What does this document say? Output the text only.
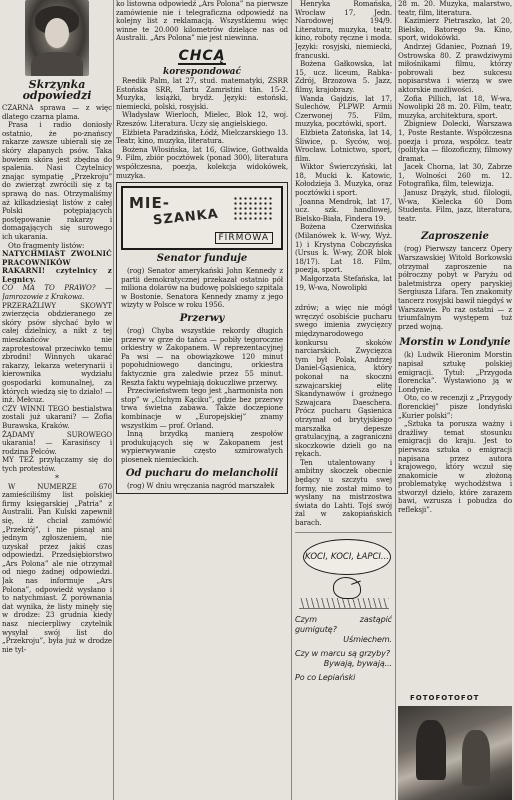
Skrzynka odpowiedzi

CZARNA sprawa — z więc dlatego czarna plama.

Prasa i radio doniosły ostatnio, że po-znańscy rakarze zawsze ubierali się ze skóry złapanych psów. Taka bowiem skóra jest zbędna do spalenia. Nasi Czytelnicy znając sympatię „Przekroju” do zwierząt zwrócili się z tą sprawą do nas. Otrzymaliśmy aż kilkadziesiąt listów z całej Polski potępiających postępowanie rakarzy i domagających się surowego ich ukarania.

Oto fragmenty listów:

NATYCHMIAST ZWOLNIĆ PRACOWNIKÓW RAKARNI! czytelnicy z Legnicy.

CO MA TO PRAWO? — Jamrozowie z Krakowa.

PRZERAŻLIWY SKOWYT zwierzęcia obdzieranego ze skóry psów słychać było w całej dzielnicy, a nikt z tej mieszkańców nie zaprotestował przeciwko temu zbrodni! Winnych ukarać rakarzy, lekarza weterynarii i kierownika wydziału gospodarki komunalnej, za których wiedzą się to działo! — inż. Mełcuz.

CZY WINNI TEGO bestialstwa zostali już ukarani? — Zofia Burawska, Kraków.

ŻĄDAMY SUROWEGO ukarania! — Karasińscy i rodzina Pelców.

MY TEŻ przyłączamy się do tych protestów.

*

W NUMERZE 670 zamieściliśmy list polskiej firmy księgarskiej „Patria” z Australii. Pan Kulski zapewnił się, iż chciał zamówić „Przekrój”, i nie pisnął ani jednym zgłoszeniem, nie uzyskał przez jakiś czas odpowiedzi. Przedsiębiorstwo „Ars Polona” ale nie otrzymał od niego żadnej odpowiedzi. Jak nas informuje „Ars Polona”, odpowiedź wysłano i to natychmiast. Z porównania dat wynika, że listy minęły się w drodze: 23 grudnia kiedy nasz niecierpliwy czytelnik wysyłał swój list do „Przekroju”, była już w drodze nie tyl-

ko listowna odpowiedź „Ars Polona” na pierwsze zamówienie nie i telegraficzna odpowiedź na kolejny list z reklamacją. Wszystkiemu więc winne te 20.000 kilometrów dzielące nas od Australii. „Ars Polona” nie jest niewinna.

CHCĄ
korespondować

Reedik Palm, lat 27, stud. matematyki, ZSRR Estońska SRR, Tartu Zamristini tän. 15-2. Muzyka, książki, brydż. Języki: estoński, niemiecki, polski, rosyjski.

Władysław Wierloch, Mielec, Blok 12, woj. Rzeszów. Literatura. Uczy się angielskiego.

Elżbieta Paradzińska, Łódź, Mielczarskiego 13. Teatr, kino, muzyka, literatura.

Bożena Włosińska, lat 16, Gliwice, Gottwalda 9. Film, zbiór pocztówek (ponad 300), literatura współczesna, poezja, kolekcja widokówek, muzyka.

MIE-
SZANKA
FIRMOWA
Senator funduje

(rog) Senator amerykański John Kennedy z partii demokratycznej przekazał ostatnio pół miliona dolarów na budowę polskiego szpitala w Bostonie. Senatora Kennedy znamy z jego wizyty w Polsce w roku 1956.

Przerwy

(rog) Chyba wszystkie rekordy długich przerw w grze do tańca — pobiły tegoroczne orkiestry w Zakopanem. W reprezentacyjnej Pa wsi — na obowiązkowe 120 minut popołudniowego dancingu, orkiestra faktycznie gra zaledwie przez 55 minut. Reszta faktu wypełniają dokuczliwe przerwy.

Przeciwieństwem tego jest „harmonista non stop” w „Cichym Kąciku”, gdzie bez przerwy trwa świetna zabawa. Także doczepione kombinacje w „Europejskiej” znamy wszystkim — prof. Orland.

Inną brzydką manierą zespołów produkujących się w Zakopanem jest wypierwywanie często szmirowatych piosenek niemieckich.

Od pucharu do melancholii

(rog) W dniu wręczania nagród marszałek

Henryka Romańska, Wrocław 17, Jedn. Narodowej 194/9. Literatura, muzyka, teatr, kino, roboty ręczne i moda. Języki: rosyjski, niemiecki, francuski.

Bożena Gałkowska, lat 15, ucz. liceum, Rabka-Zdrój, Brzozowa 5. Jazz, filmy, krajobrazy.

Wanda Gajdzis, lat 17, Sulechów, PLPWP. Armii Czerwonej 75. Film, muzyka, pocztówki, sport.

Elżbieta Zatońska, lat 14, Śliwice, p. Syców, woj. Wrocław. Lotnictwo, sport, film.

Wiktor Świerczyński, lat 18, Mucki k. Katowic, Kołodzieja 3. Muzyka, oraz pocztówki i sport.

Joanna Mendrok, lat 17, ucz. szk. handlowej, Bielsko-Biała, Findera 19.

Bożena Czerwińska (Milanówek k. W-wy, Wyż. 1) i Krystyna Cobczyńska (Ursus k. W-wy, ZOR blok 18/17). Lat 18. Film, poezja, sport.

Małgorzata Stefańska, lat 19, W-wa, Nowolipki

zdrów; a więc nie mógł wręczyć osobiście pucharu swego imienia zwycięzcy międzynarodowego konkursu skoków narciarskich. Zwycięzca tym był Polak, Andrzej Daniel-Gąsienica, który pokonał na skoczni szwajcarskiej elitę Skandynawów i groźnego Szwajcara Daeschera. Prócz pucharu Gąsienica otrzymał od brytyjskiego marszałka depesze gratulacyjną, a zagraniczni skoczkowie dzieli go na rękach.

Ten utalentowany i ambitny skoczek obecnie będący u szczytu swej formy, nie został mimo to wysłany na mistrzostwa świata do Lahti. Tojś swój żal w zakopiańskich barach.

KOCI, KOCI, ŁAPCI...

Czym zastąpić gumigutę?

Uśmiechem.

Czy w marcu są grzyby?

Bywają, bywają...

Po co Lepiański

28 m. 20. Muzyka, malarstwo, teatr, film, literatura.

Kazimierz Pietraszko, lat 20, Bielsko, Batorego 9a. Kino, sport, widokówki.

Andrzej Gdaniec, Poznań 19, Ostrowska 80. Z prawdziwymi miłośnikami filmu, którzy pobrowali bez sukcesu nopisarstwa i wierzą w swe aktorskie możliwości.

Zofia Pillich, lat 18, W-wa, Nowolipki 28 m. 20. Film, teatr, muzyka, architektura, sport.

Zbigniew Dolecki, Warszawa 1, Poste Restante. Współczesna poezja i proza, współcz. teatr (polityka — filozoficzny, filmowy dramat.

Jacek Chorna, lat 30, Zabrze 1, Wolności 260 m. 12. Fotografika, film, telewizja.

Janusz Drążyk, stud. filologii, W-wa, Kielecka 60 Dom Studenta. Film, jazz, literatura, teatr.

Zaproszenie

(rog) Pierwszy tancerz Opery Warszawskiej Witold Borkowski otrzymał zaproszenie na półroczny pobyt w Paryżu od baletmistrza opery paryskiej Sergiusza Lifara. Ten znakomity tancerz rosyjski bawił niegdyś w Warszawie. Po raz ostatni — z triumfalnym występem tuż przed wojną.

Morstin w Londynie

(k) Ludwik Hieronim Morstin napisał sztukę polskiej emigracji. Tytuł: „Przygoda florencka”. Wystawiono ją w Londynie.

Oto, co w recenzji z „Przygody florenckiej” pisze londyński „Kurier polski”:

„Sztuka ta porusza ważny i drażliwy temat stosunku emigracji do kraju. Jest to pierwsza sztuka o emigracji napisana przez autora krajowego, który wczuł się znakomicie w złożoną problematykę wychodźstwa i stworzył dzieło, które zarazem bawi, wzrusza i pobudza do refleksji”.

FOTOFOTOFOT
